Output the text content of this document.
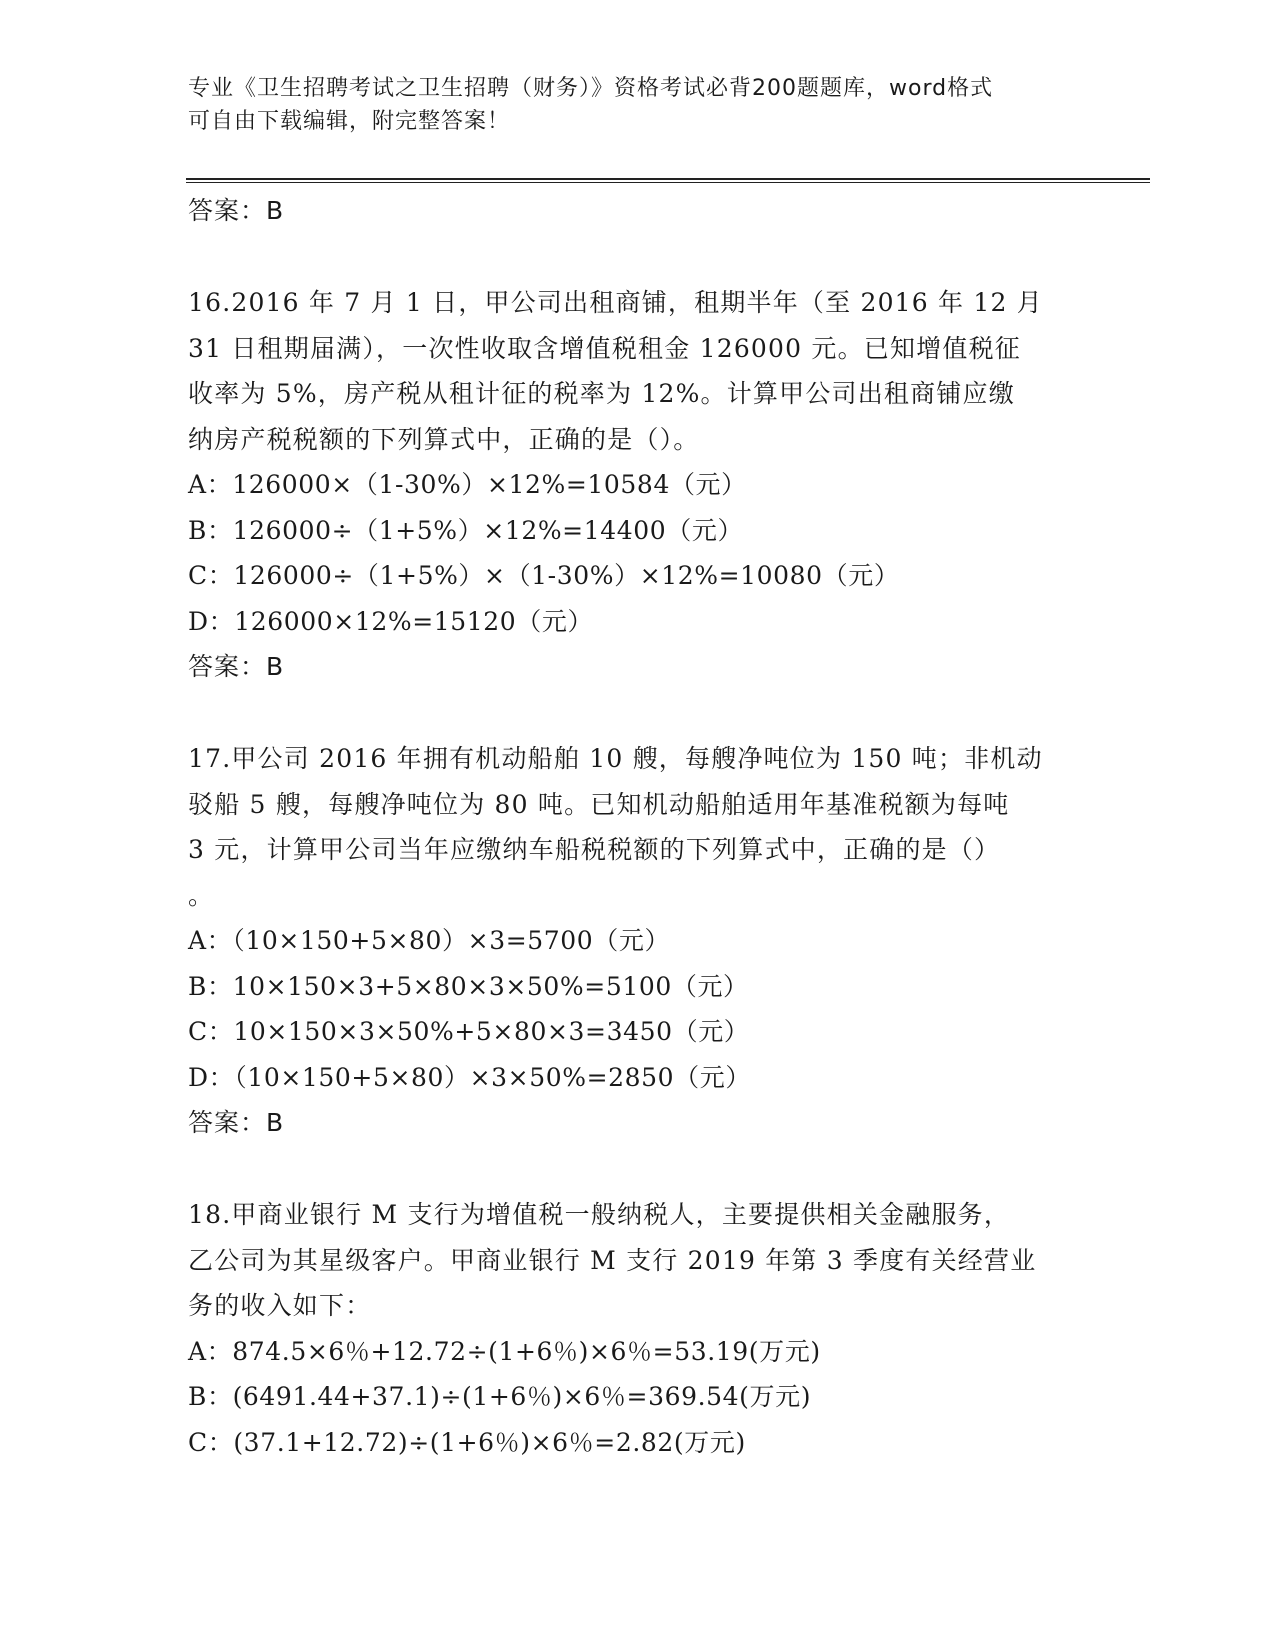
专业《卫生招聘考试之卫生招聘（财务）》资格考试必背200题题库，word格式
可自由下载编辑，附完整答案！

答案：B

16.2016 年 7 月 1 日，甲公司出租商铺，租期半年（至 2016 年 12 月

31 日租期届满），一次性收取含增值税租金 126000 元。已知增值税征

收率为 5%，房产税从租计征的税率为 12%。计算甲公司出租商铺应缴

纳房产税税额的下列算式中，正确的是（）。

A：126000×（1-30%）×12%=10584（元）

B：126000÷（1+5%）×12%=14400（元）

C：126000÷（1+5%）×（1-30%）×12%=10080（元）

D：126000×12%=15120（元）

答案：B

17.甲公司 2016 年拥有机动船舶 10 艘，每艘净吨位为 150 吨；非机动

驳船 5 艘，每艘净吨位为 80 吨。已知机动船舶适用年基准税额为每吨

3 元，计算甲公司当年应缴纳车船税税额的下列算式中，正确的是（）

。

A：（10×150+5×80）×3=5700（元）

B：10×150×3+5×80×3×50%=5100（元）

C：10×150×3×50%+5×80×3=3450（元）

D：（10×150+5×80）×3×50%=2850（元）

答案：B

18.甲商业银行 M 支行为增值税一般纳税人，主要提供相关金融服务，

乙公司为其星级客户。甲商业银行 M 支行 2019 年第 3 季度有关经营业

务的收入如下：

A：874.5×6％+12.72÷(1+6％)×6％=53.19(万元)

B：(6491.44+37.1)÷(1+6％)×6％=369.54(万元)

C：(37.1+12.72)÷(1+6％)×6％=2.82(万元)
